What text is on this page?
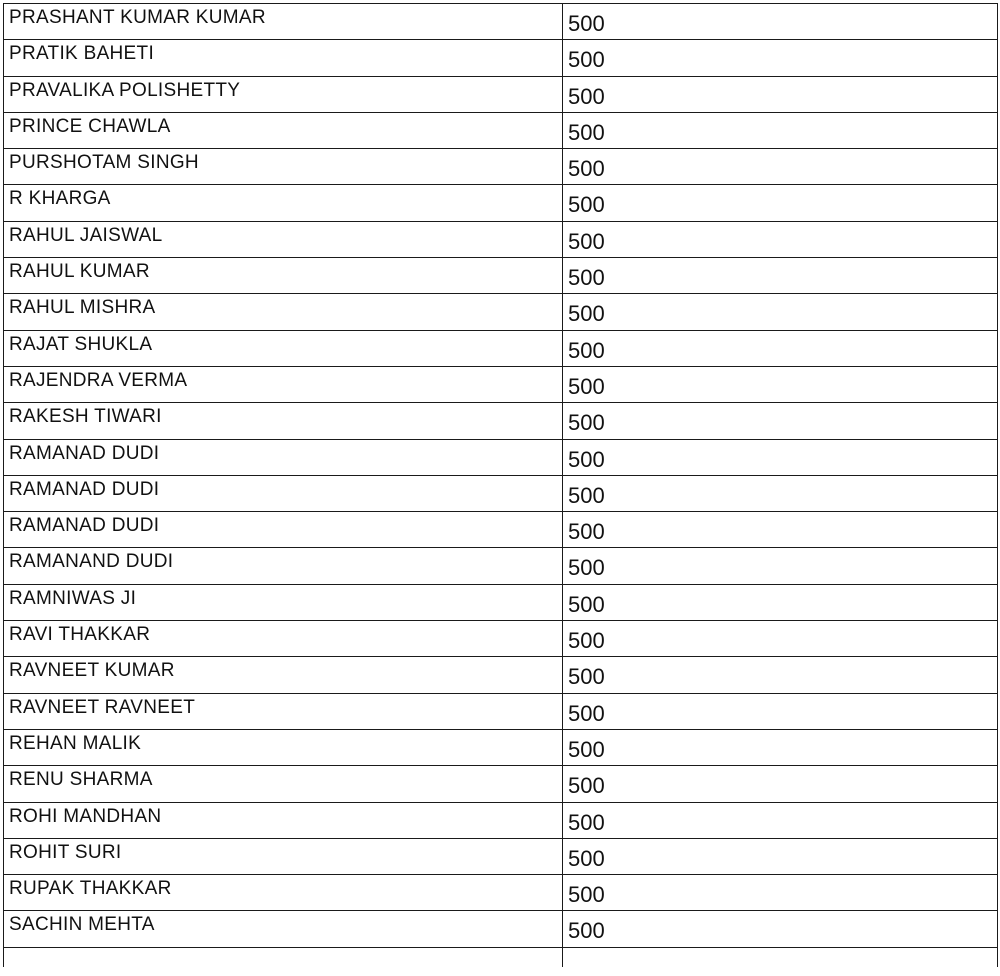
PRASHANT KUMAR KUMAR	500
PRATIK BAHETI	500
PRAVALIKA POLISHETTY	500
PRINCE CHAWLA	500
PURSHOTAM SINGH	500
R KHARGA	500
RAHUL JAISWAL	500
RAHUL KUMAR	500
RAHUL MISHRA	500
RAJAT SHUKLA	500
RAJENDRA VERMA	500
RAKESH TIWARI	500
RAMANAD DUDI	500
RAMANAD DUDI	500
RAMANAD DUDI	500
RAMANAND DUDI	500
RAMNIWAS JI	500
RAVI THAKKAR	500
RAVNEET KUMAR	500
RAVNEET RAVNEET	500
REHAN MALIK	500
RENU SHARMA	500
ROHI MANDHAN	500
ROHIT SURI	500
RUPAK THAKKAR	500
SACHIN MEHTA	500
